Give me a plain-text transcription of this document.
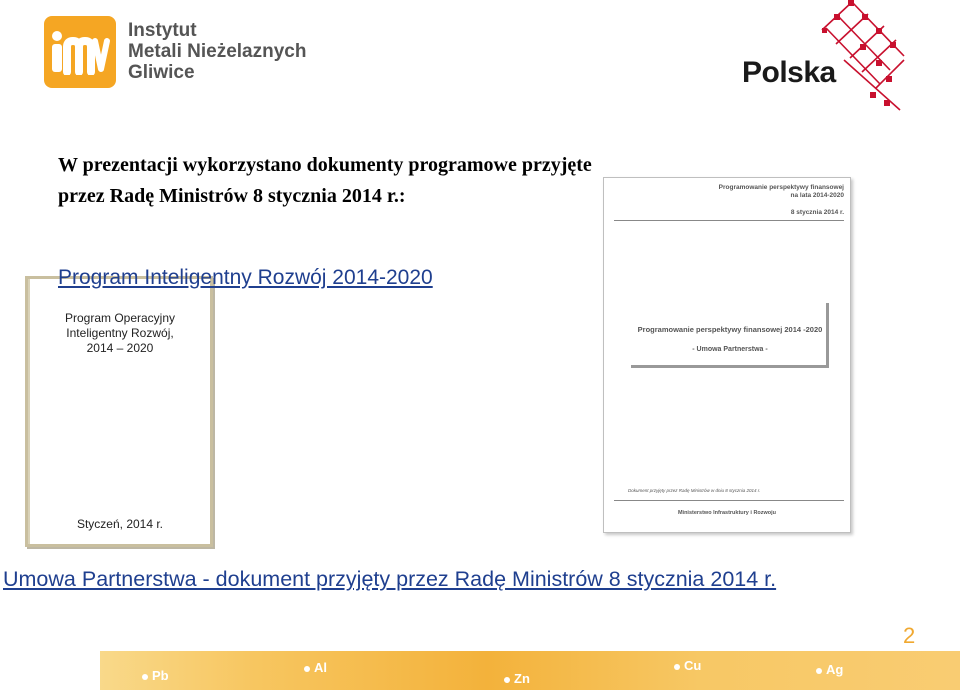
Instytut
Metali Nieżelaznych
Gliwice	Polska
W prezentacji wykorzystano dokumenty programowe przyjęte przez Radę Ministrów 8 stycznia 2014 r.:
Program Operacyjny
Inteligentny Rozwój,
2014 – 2020
Styczeń, 2014 r.
Program Inteligentny Rozwój 2014-2020
Programowanie perspektywy finansowej
na lata 2014-2020
8 stycznia 2014 r.
Programowanie perspektywy finansowej 2014 -2020
- Umowa Partnerstwa -
Dokument przyjęty przez Radę Ministrów w dniu 8 stycznia 2014 r.
Ministerstwo Infrastruktury i Rozwoju
Umowa Partnerstwa - dokument przyjęty przez Radę Ministrów 8 stycznia 2014 r.
2
Pb
Al
Zn
Cu	Ag
